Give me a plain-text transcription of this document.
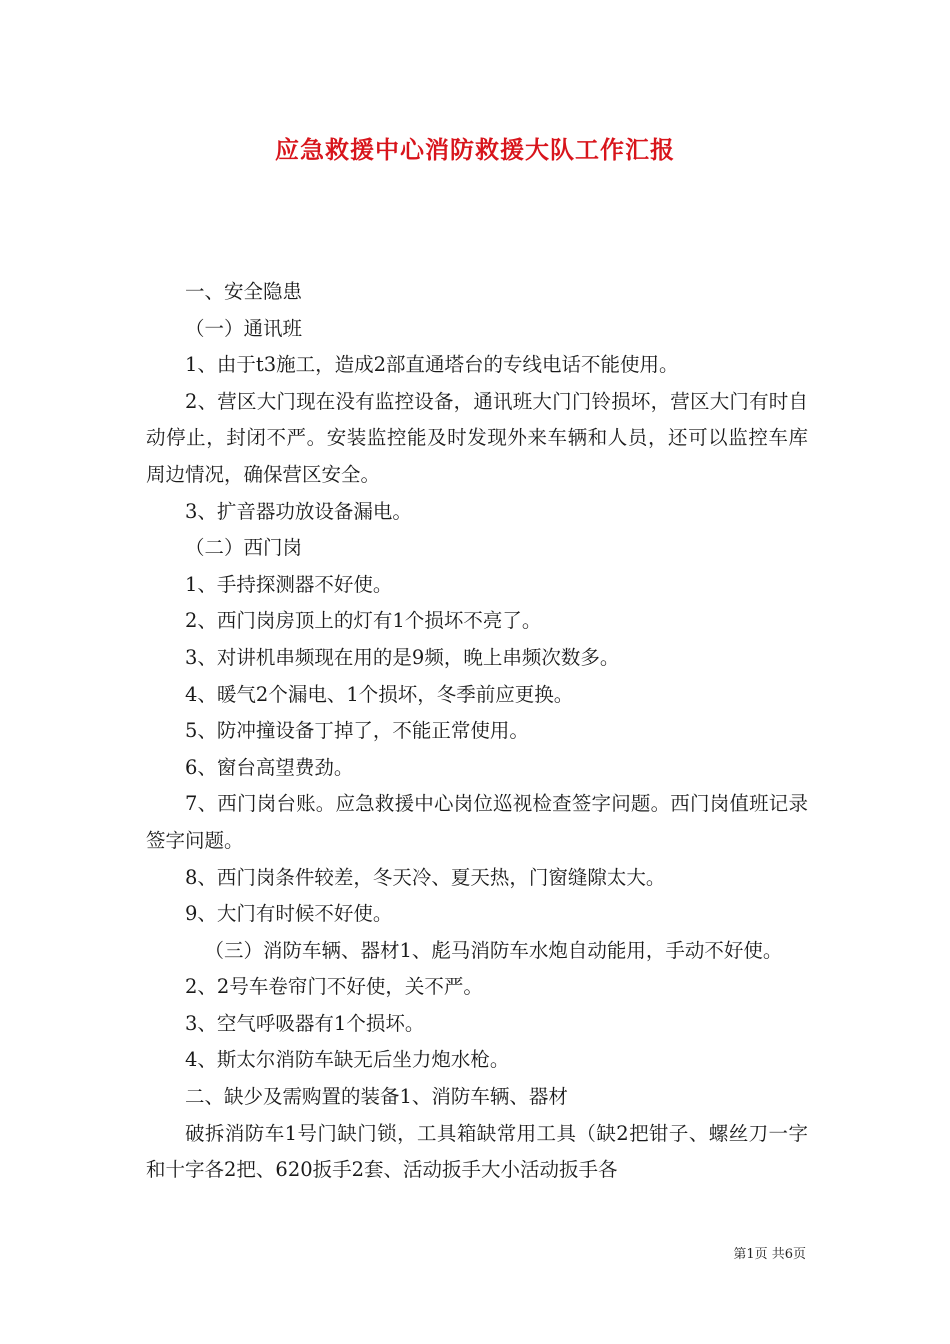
应急救援中心消防救援大队工作汇报

一、安全隐患

（一）通讯班

1、由于t3施工，造成2部直通塔台的专线电话不能使用。

2、营区大门现在没有监控设备，通讯班大门门铃损坏，营区大门有时自动停止，封闭不严。安装监控能及时发现外来车辆和人员，还可以监控车库周边情况，确保营区安全。

3、扩音器功放设备漏电。

（二）西门岗

1、手持探测器不好使。

2、西门岗房顶上的灯有1个损坏不亮了。

3、对讲机串频现在用的是9频，晚上串频次数多。

4、暖气2个漏电、1个损坏，冬季前应更换。

5、防冲撞设备丁掉了，不能正常使用。

6、窗台高望费劲。

7、西门岗台账。应急救援中心岗位巡视检查签字问题。西门岗值班记录签字问题。

8、西门岗条件较差，冬天冷、夏天热，门窗缝隙太大。

9、大门有时候不好使。

（三）消防车辆、器材1、彪马消防车水炮自动能用，手动不好使。

2、2号车卷帘门不好使，关不严。

3、空气呼吸器有1个损坏。

4、斯太尔消防车缺无后坐力炮水枪。

二、缺少及需购置的装备1、消防车辆、器材

破拆消防车1号门缺门锁，工具箱缺常用工具（缺2把钳子、螺丝刀一字和十字各2把、620扳手2套、活动扳手大小活动扳手各

第1页 共6页
